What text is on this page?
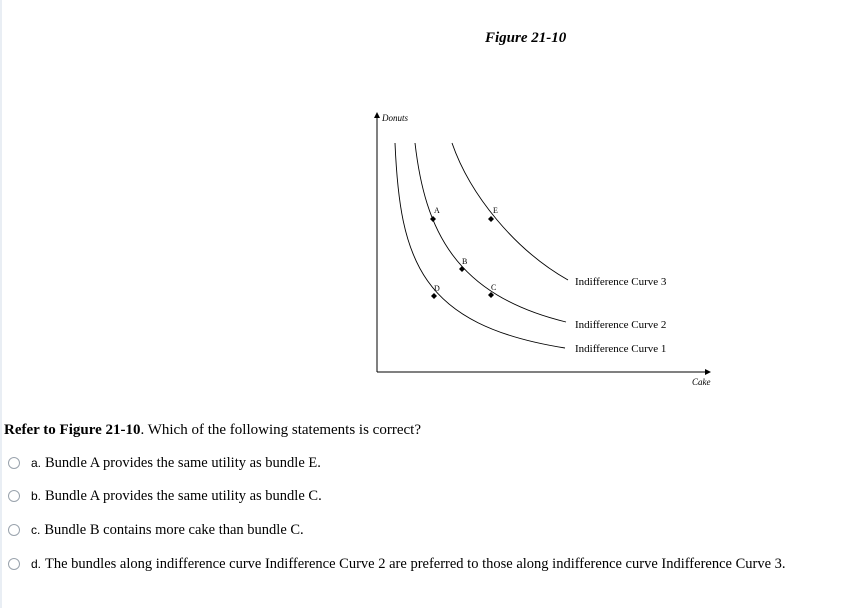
Figure 21-10
Donuts
Cake
Indifference Curve 3
Indifference Curve 2
Indifference Curve 1
A	E
B
C
D
Refer to Figure 21-10. Which of the following statements is correct?
a. Bundle A provides the same utility as bundle E.
b. Bundle A provides the same utility as bundle C.
c. Bundle B contains more cake than bundle C.
d. The bundles along indifference curve Indifference Curve 2 are preferred to those along indifference curve Indifference Curve 3.
